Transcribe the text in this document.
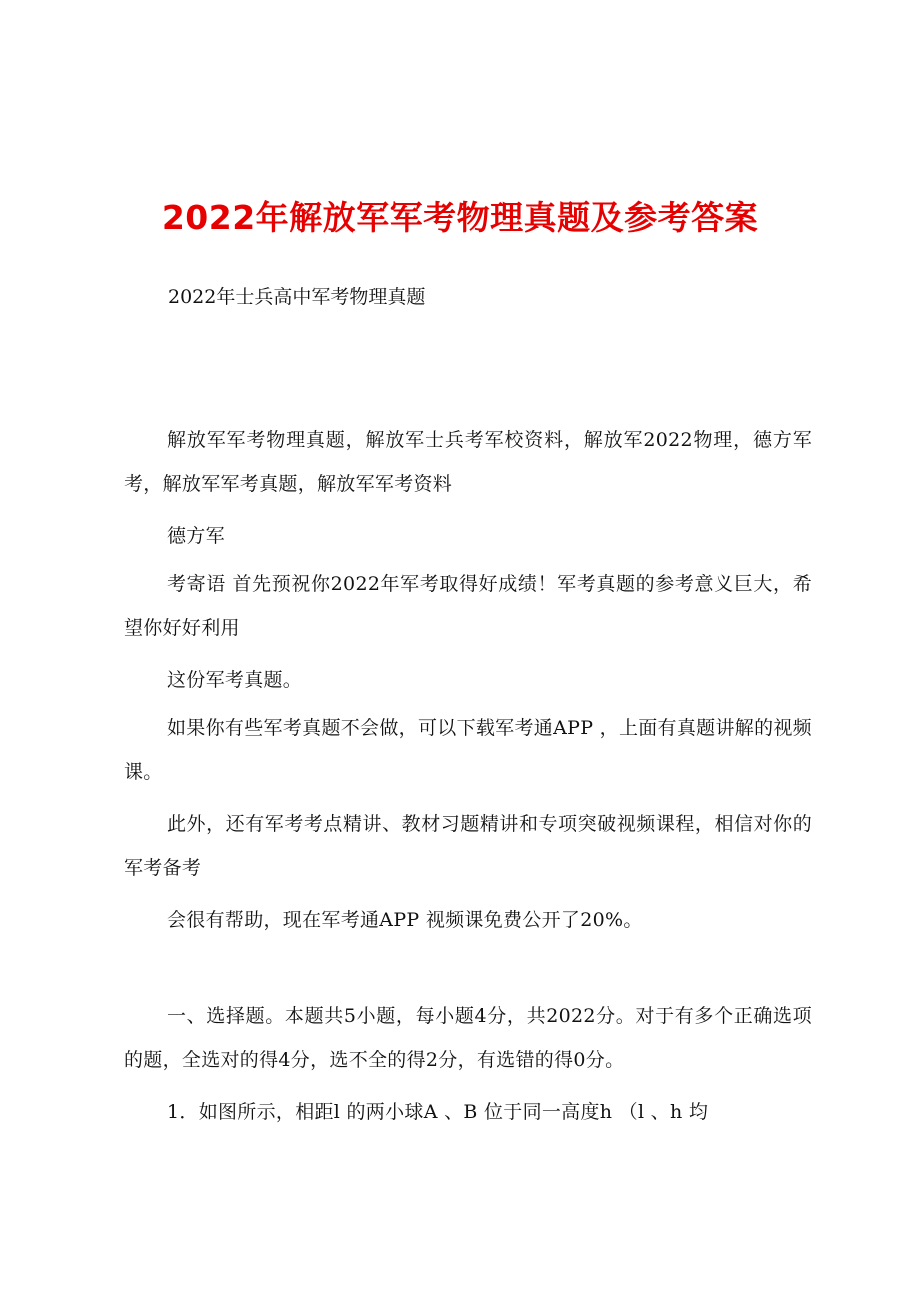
2022年解放军军考物理真题及参考答案
2022年士兵高中军考物理真题

解放军军考物理真题，解放军士兵考军校资料，解放军2022物理，德方军考，解放军军考真题，解放军军考资料

德方军

考寄语 首先预祝你2022年军考取得好成绩！军考真题的参考意义巨大，希望你好好利用

这份军考真题。

如果你有些军考真题不会做，可以下载军考通APP ，上面有真题讲解的视频课。

此外，还有军考考点精讲、教材习题精讲和专项突破视频课程，相信对你的军考备考

会很有帮助，现在军考通APP 视频课免费公开了20%。

一、选择题。本题共5小题，每小题4分，共2022分。对于有多个正确选项的题，全选对的得4分，选不全的得2分，有选错的得0分。

1．如图所示，相距l 的两小球A 、B 位于同一高度h （l 、h 均
